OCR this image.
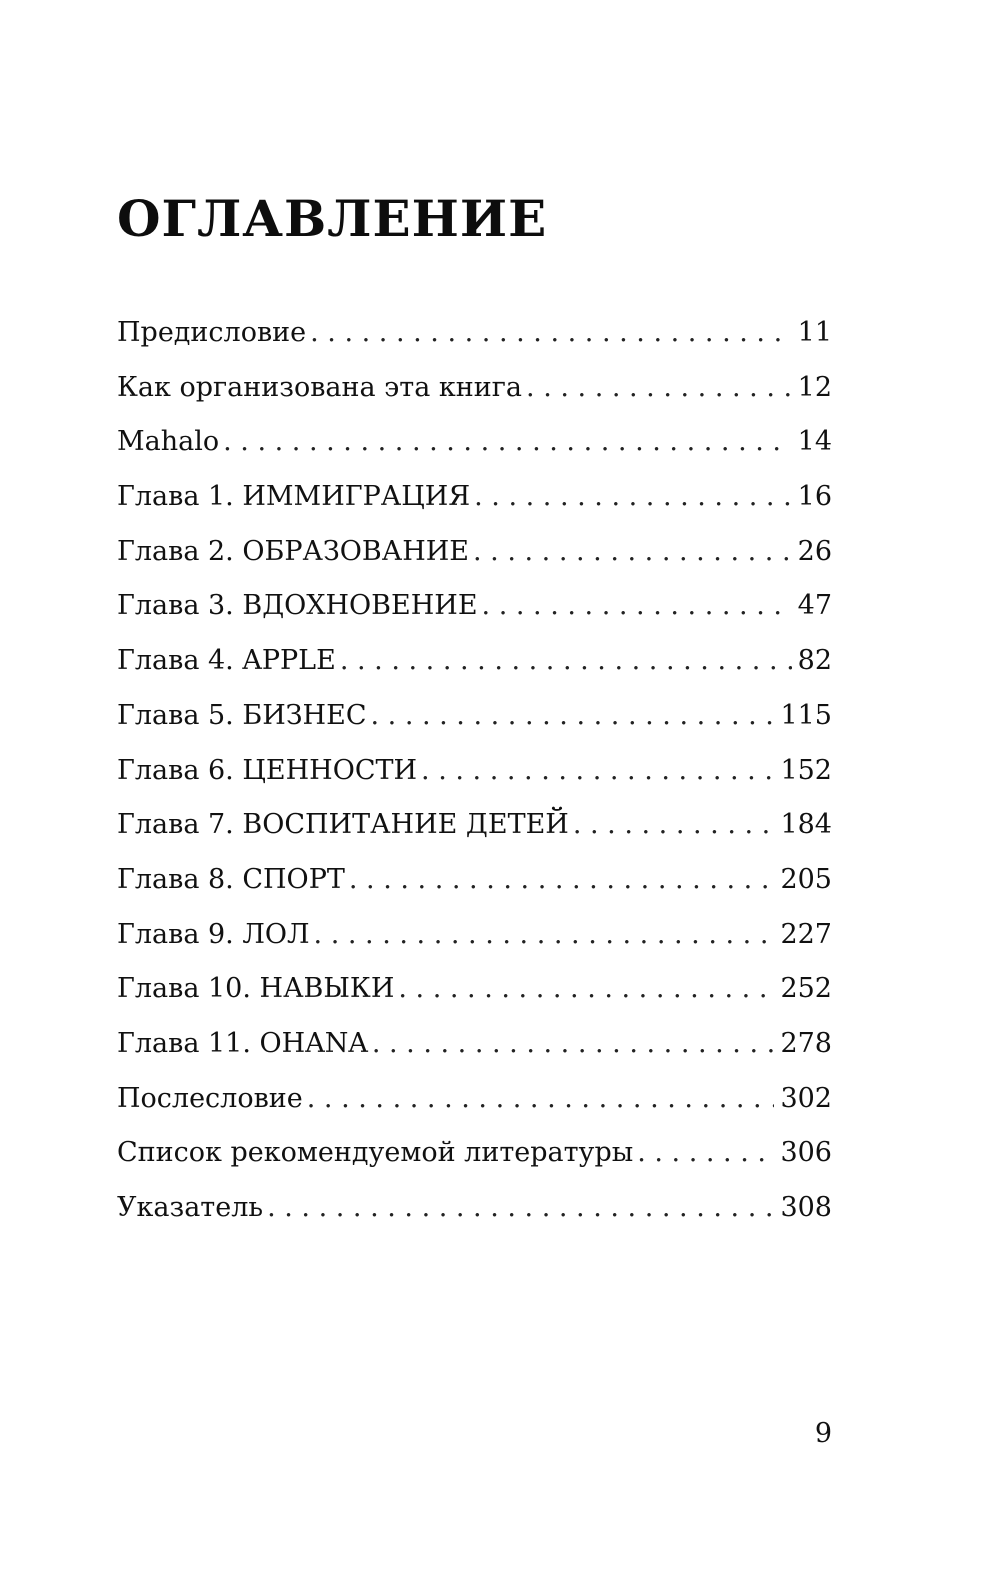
ОГЛАВЛЕНИЕ
Предисловие . . .	11
Как организована эта книга . . .	12
Mahalo . . .	14
Глава 1. ИММИГРАЦИЯ . . .	16
Глава 2. ОБРАЗОВАНИЕ . . .	26
Глава 3. ВДОХНОВЕНИЕ . . .	47
Глава 4. APPLE . . .	82
Глава 5. БИЗНЕС . . .	115
Глава 6. ЦЕННОСТИ . . .	152
Глава 7. ВОСПИТАНИЕ ДЕТЕЙ . . .	184
Глава 8. СПОРТ . . .	205
Глава 9. ЛОЛ . . .	227
Глава 10. НАВЫКИ . . .	252
Глава 11. OHANA . . .	278
Послесловие . . .	302
Список рекомендуемой литературы . . .	306
Указатель . . .	308
9
